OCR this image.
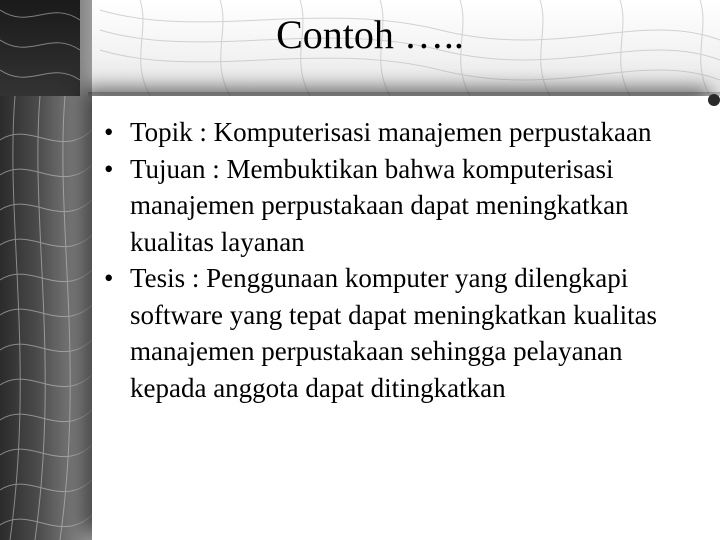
Contoh …..
• Topik : Komputerisasi manajemen perpustakaan
• Tujuan : Membuktikan bahwa komputerisasi manajemen perpustakaan dapat meningkatkan kualitas layanan
• Tesis : Penggunaan komputer yang dilengkapi software yang tepat dapat meningkatkan kualitas manajemen perpustakaan sehingga pelayanan kepada anggota dapat ditingkatkan
